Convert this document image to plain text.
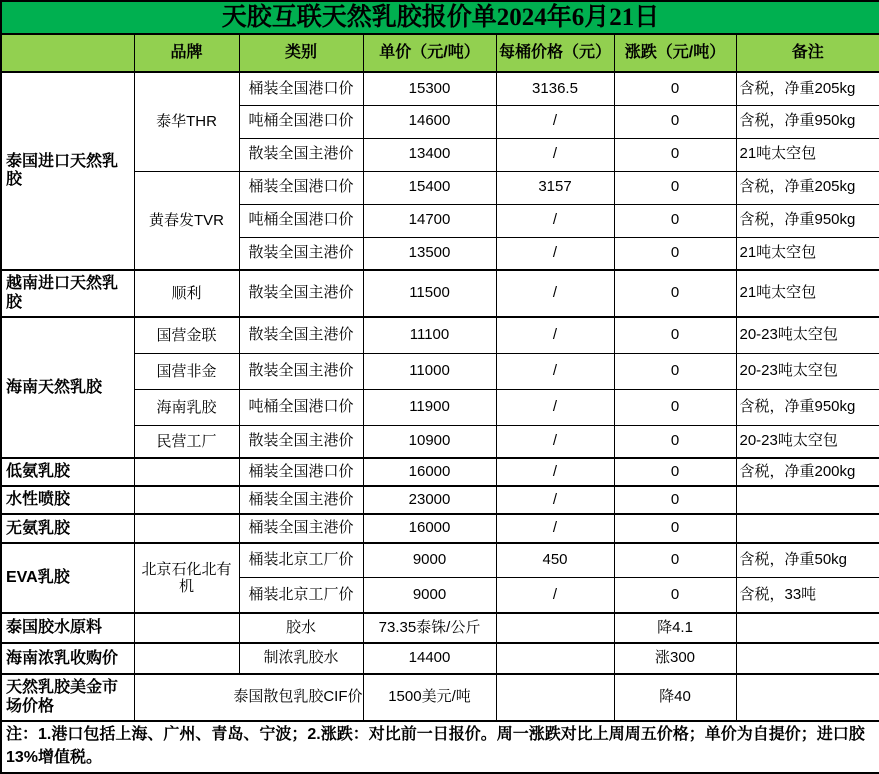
天胶互联天然乳胶报价单2024年6月21日						
	品牌	类别	单价（元/吨）	每桶价格（元）	涨跌（元/吨）	备注
泰国进口天然乳胶	泰华THR	桶装全国港口价	15300	3136.5	0	含税，净重205kg
		吨桶全国港口价	14600	/	0	含税，净重950kg
		散装全国主港价	13400	/	0	21吨太空包
	黄春发TVR	桶装全国港口价	15400	3157	0	含税，净重205kg
		吨桶全国港口价	14700	/	0	含税，净重950kg
		散装全国主港价	13500	/	0	21吨太空包
越南进口天然乳胶	顺利	散装全国主港价	11500	/	0	21吨太空包
海南天然乳胶	国营金联	散装全国主港价	11100	/	0	20-23吨太空包
	国营非金	散装全国主港价	11000	/	0	20-23吨太空包
	海南乳胶	吨桶全国港口价	11900	/	0	含税，净重950kg
	民营工厂	散装全国主港价	10900	/	0	20-23吨太空包
低氨乳胶		桶装全国港口价	16000	/	0	含税，净重200kg
水性喷胶		桶装全国主港价	23000	/	0	
无氨乳胶		桶装全国主港价	16000	/	0	
EVA乳胶	北京石化北有机	桶装北京工厂价	9000	450	0	含税，净重50kg
		桶装北京工厂价	9000	/	0	含税，33吨
泰国胶水原料		胶水	73.35泰铢/公斤		降4.1	
海南浓乳收购价		制浓乳胶水	14400		涨300	
天然乳胶美金市场价格	泰国散包乳胶CIF价		1500美元/吨		降40	
注：1.港口包括上海、广州、青岛、宁波；2.涨跌：对比前一日报价。周一涨跌对比上周周五价格；单价为自提价；进口胶13%增值税。						
